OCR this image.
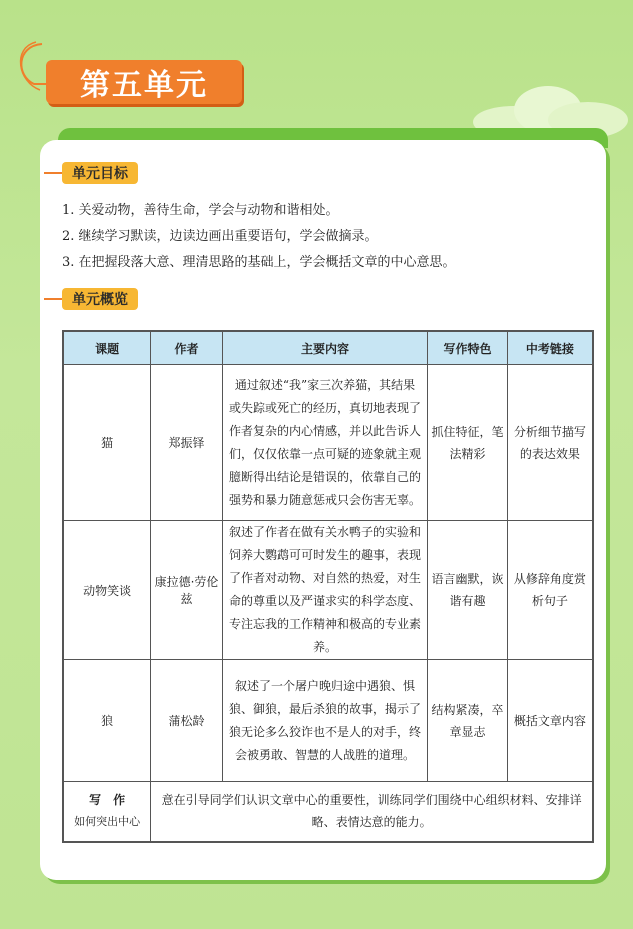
第五单元
单元目标
1. 关爱动物，善待生命，学会与动物和谐相处。
2. 继续学习默读，边读边画出重要语句，学会做摘录。
3. 在把握段落大意、理清思路的基础上，学会概括文章的中心意思。
单元概览
课题	作者	主要内容	写作特色	中考链接
猫	郑振铎	通过叙述“我”家三次养猫，其结果或失踪或死亡的经历，真切地表现了作者复杂的内心情感，并以此告诉人们，仅仅依靠一点可疑的迹象就主观臆断得出结论是错误的，依靠自己的强势和暴力随意惩戒只会伤害无辜。	抓住特征，笔法精彩	分析细节描写的表达效果
动物笑谈	康拉德·劳伦兹	叙述了作者在做有关水鸭子的实验和饲养大鹦鹉可可时发生的趣事，表现了作者对动物、对自然的热爱，对生命的尊重以及严谨求实的科学态度、专注忘我的工作精神和极高的专业素养。	语言幽默，诙谐有趣	从修辞角度赏析句子
狼	蒲松龄	叙述了一个屠户晚归途中遇狼、惧狼、御狼，最后杀狼的故事，揭示了狼无论多么狡诈也不是人的对手，终会被勇敢、智慧的人战胜的道理。	结构紧凑，卒章显志	概括文章内容

写　作
如何突出中心	意在引导同学们认识文章中心的重要性，训练同学们围绕中心组织材料、安排详略、表情达意的能力。			
